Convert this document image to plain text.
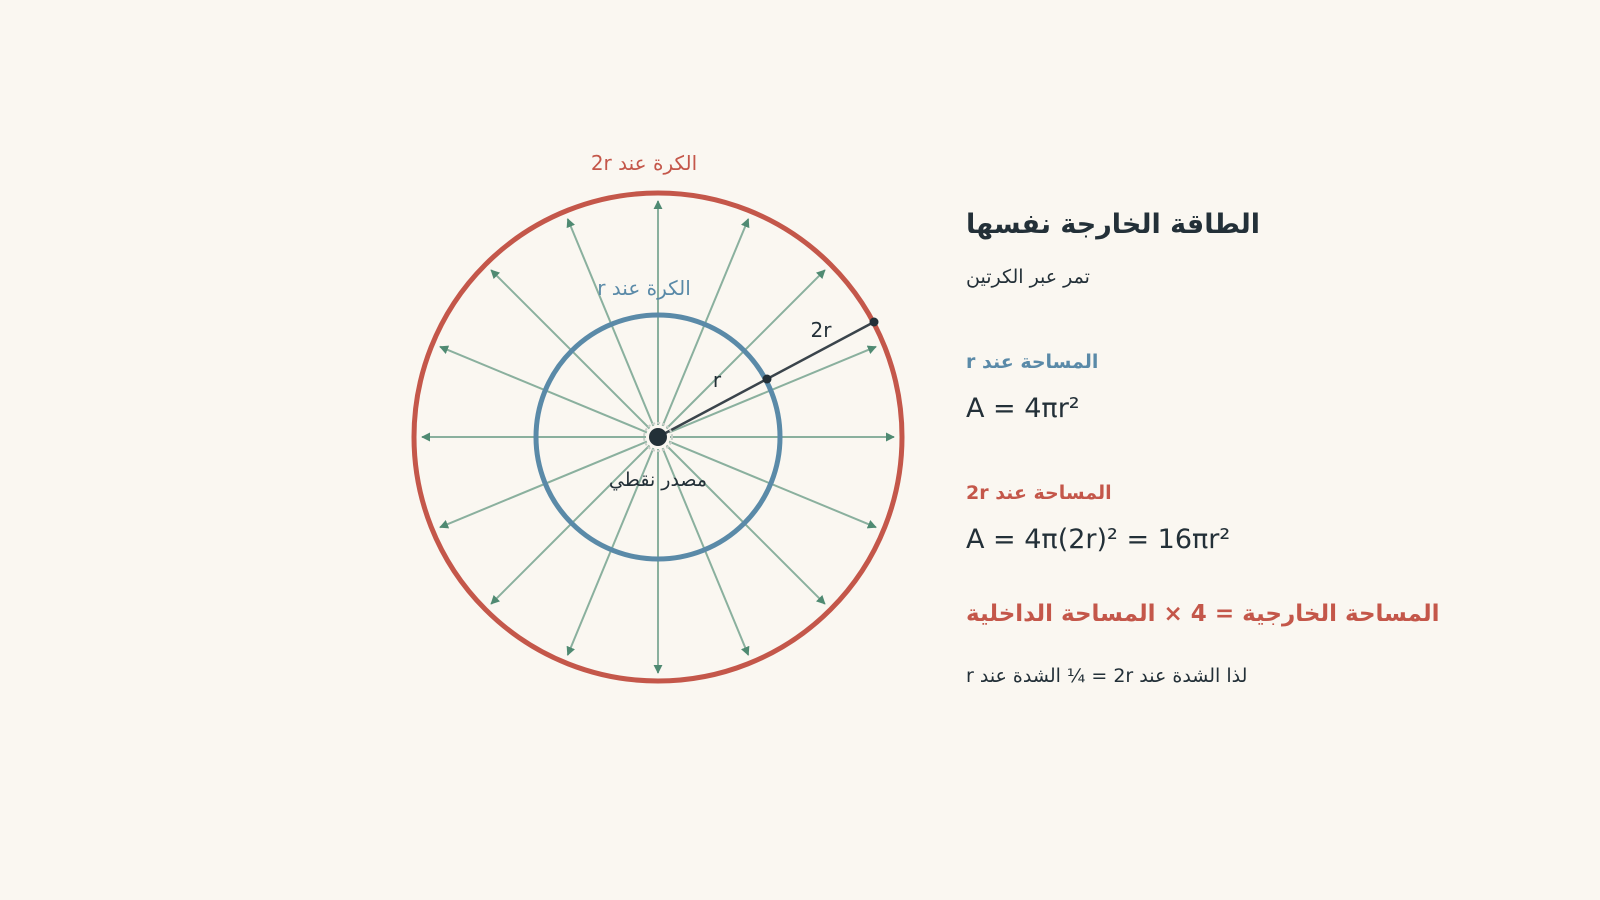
الكرة عند 2r
الكرة عند r
مصدر نقطي
r
2r
الطاقة الخارجة نفسها
تمر عبر الكرتين
المساحة عند r
A = 4πr²
المساحة عند 2r
A = 4π(2r)² = 16πr²
المساحة الخارجية = 4 × المساحة الداخلية
لذا الشدة عند 2r = ¼ الشدة عند r
